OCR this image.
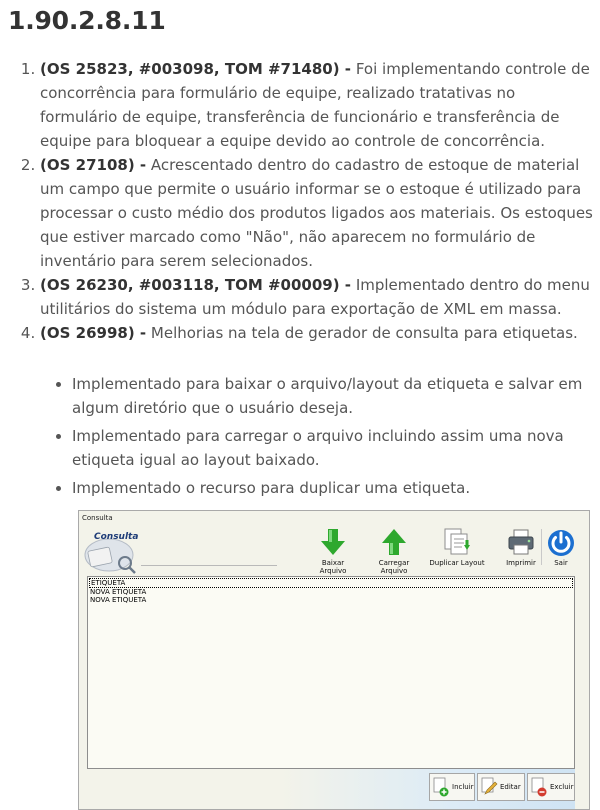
1.90.2.8.11
1. (OS 25823, #003098, TOM #71480) - Foi implementando controle de concorrência para formulário de equipe, realizado tratativas no formulário de equipe, transferência de funcionário e transferência de equipe para bloquear a equipe devido ao controle de concorrência.
2. (OS 27108) - Acrescentado dentro do cadastro de estoque de material um campo que permite o usuário informar se o estoque é utilizado para processar o custo médio dos produtos ligados aos materiais. Os estoques que estiver marcado como "Não", não aparecem no formulário de inventário para serem selecionados.
3. (OS 26230, #003118, TOM #00009) - Implementado dentro do menu utilitários do sistema um módulo para exportação de XML em massa.
4. (OS 26998) - Melhorias na tela de gerador de consulta para etiquetas.
• Implementado para baixar o arquivo/layout da etiqueta e salvar em algum diretório que o usuário deseja.
• Implementado para carregar o arquivo incluindo assim uma nova etiqueta igual ao layout baixado.
• Implementado o recurso para duplicar uma etiqueta.
Consulta
Consulta
Baixar Arquivo
Carregar Arquivo
Duplicar Layout	Imprimir	Sair
ETIQUETA
NOVA ETIQUETA
NOVA ETIQUETA
Incluir	Editar	Excluir
